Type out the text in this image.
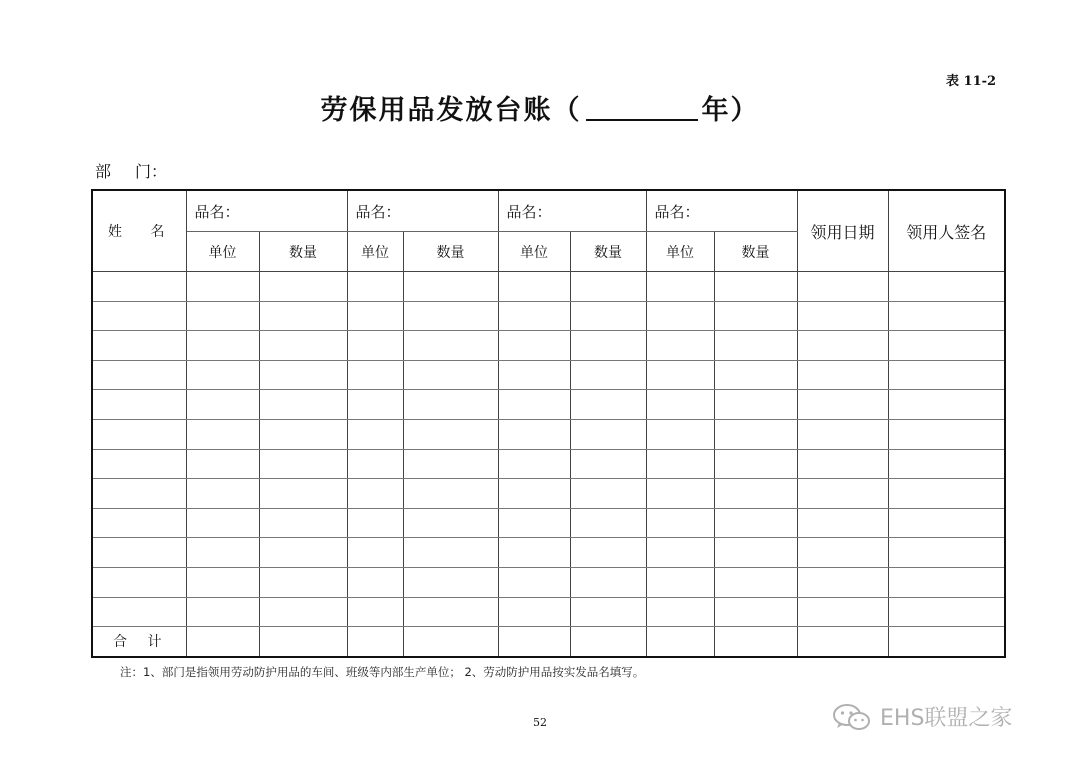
表 11-2
劳保用品发放台账（	年）
部 门：
姓 名	品名：		品名：		品名：		品名：		领用日期	领用人签名
	单位	数量	单位	数量	单位	数量	单位	数量		

合 计										
注：1、部门是指领用劳动防护用品的车间、班级等内部生产单位； 2、劳动防护用品按实发品名填写。
52	EHS联盟之家
